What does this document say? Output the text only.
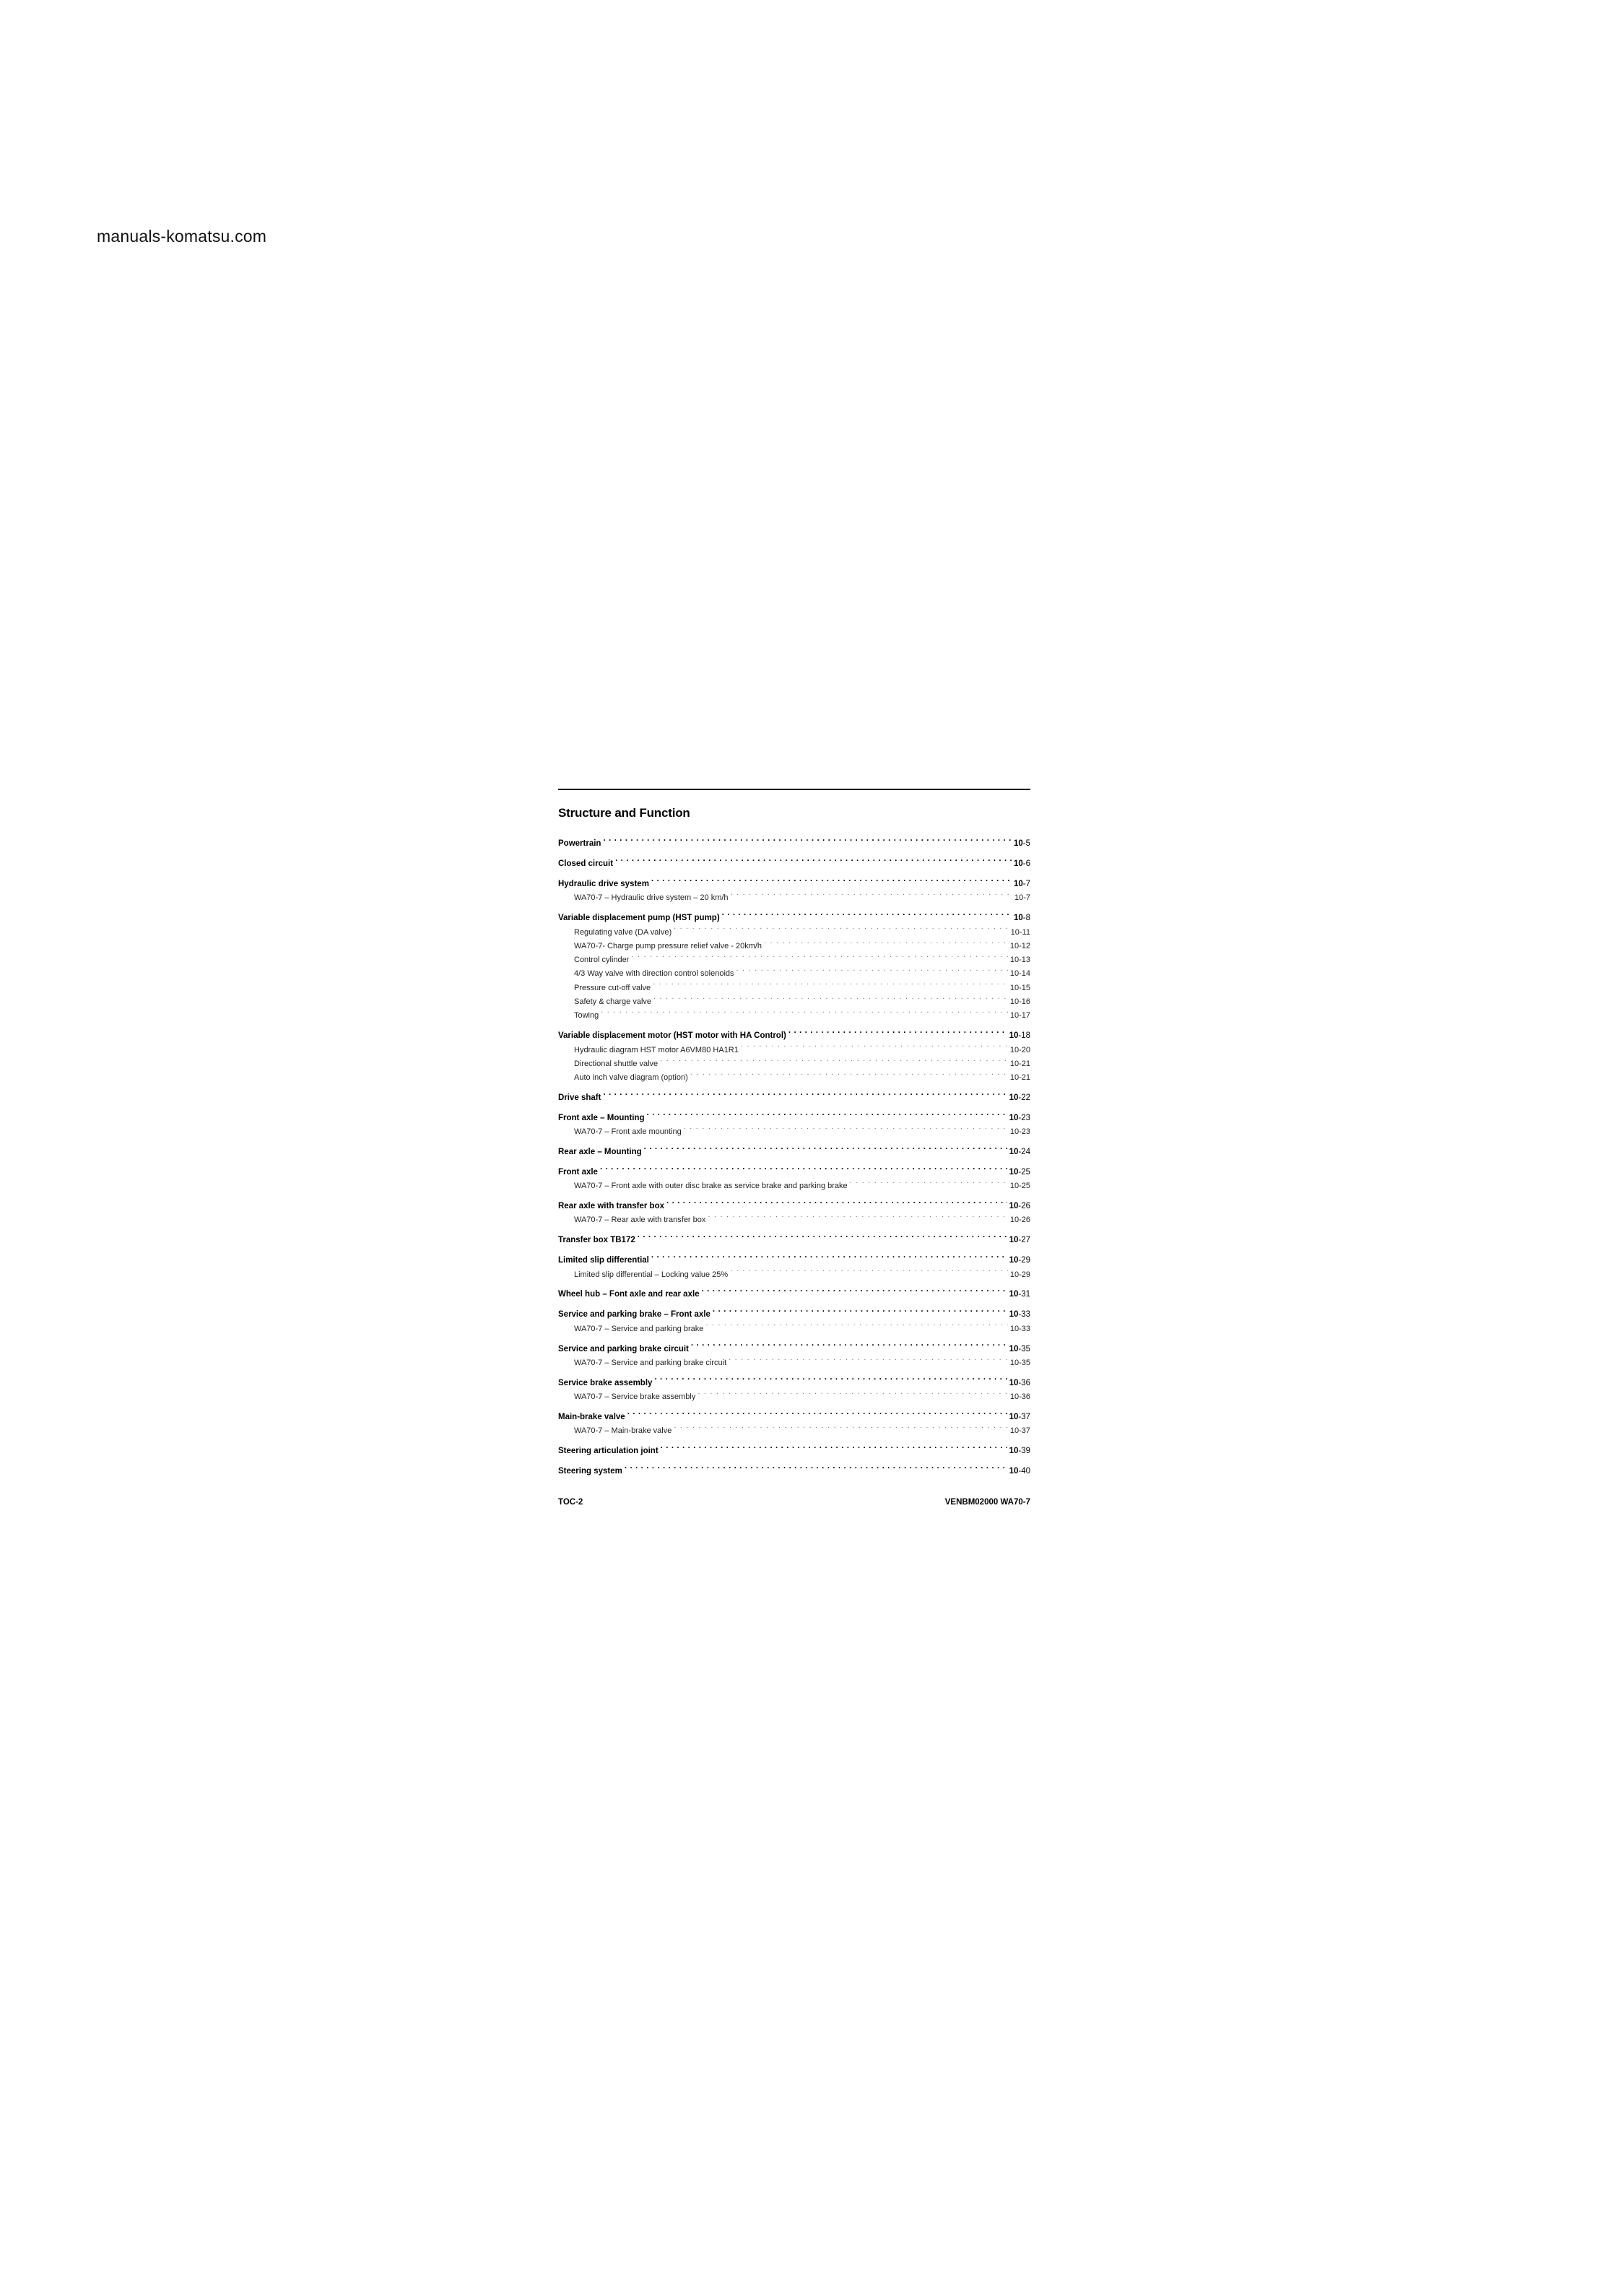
manuals-komatsu.com
Structure and Function
Powertrain . . .	10-5
Closed circuit . . .	10-6
Hydraulic drive system . . .	10-7
WA70-7 – Hydraulic drive system – 20 km/h . . .	10-7
Variable displacement pump (HST pump) . . .	10-8
Regulating valve (DA valve) . . .	10-11
WA70-7- Charge pump pressure relief valve - 20km/h . . .	10-12
Control cylinder . . .	10-13
4/3 Way valve with direction control solenoids . . .	10-14
Pressure cut-off valve . . .	10-15
Safety & charge valve . . .	10-16
Towing . . .	10-17
Variable displacement motor (HST motor with HA Control) . . .	10-18
Hydraulic diagram HST motor A6VM80 HA1R1 . . .	10-20
Directional shuttle valve . . .	10-21
Auto inch valve diagram (option) . . .	10-21
Drive shaft . . .	10-22
Front axle – Mounting . . .	10-23
WA70-7 – Front axle mounting . . .	10-23
Rear axle – Mounting . . .	10-24
Front axle . . .	10-25
WA70-7 – Front axle with outer disc brake as service brake and parking brake . . .	10-25
Rear axle with transfer box . . .	10-26
WA70-7 – Rear axle with transfer box . . .	10-26
Transfer box TB172 . . .	10-27
Limited slip differential . . .	10-29
Limited slip differential – Locking value 25% . . .	10-29
Wheel hub – Font axle and rear axle . . .	10-31
Service and parking brake – Front axle . . .	10-33
WA70-7 – Service and parking brake . . .	10-33
Service and parking brake circuit . . .	10-35
WA70-7 – Service and parking brake circuit . . .	10-35
Service brake assembly . . .	10-36
WA70-7 – Service brake assembly . . .	10-36
Main-brake valve . . .	10-37
WA70-7 – Main-brake valve . . .	10-37
Steering articulation joint . . .	10-39
Steering system . . .	10-40
TOC-2	VENBM02000 WA70-7
